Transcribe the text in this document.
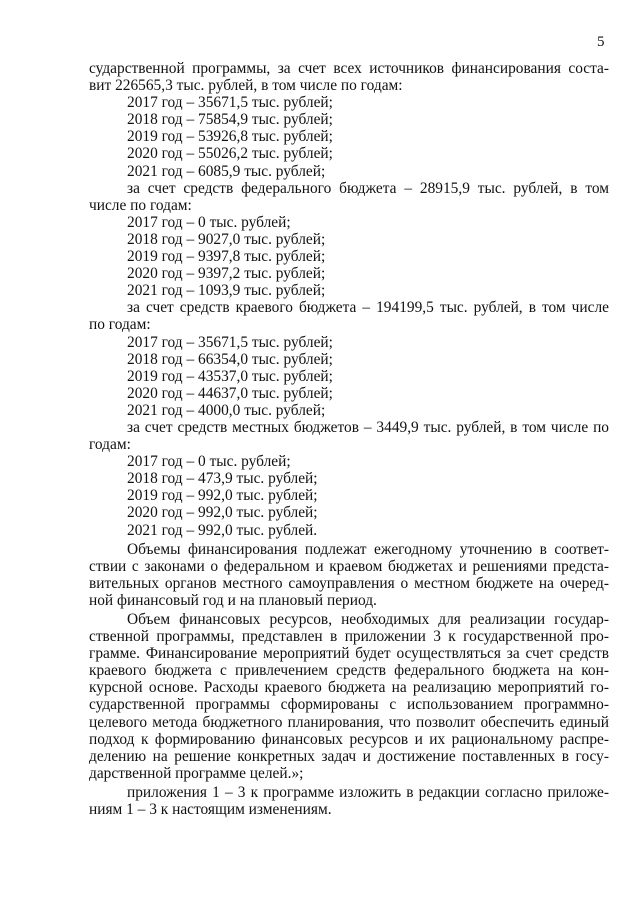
5
сударственной программы, за счет всех источников финансирования соста-
вит 226565,3 тыс. рублей, в том числе по годам:
2017 год – 35671,5 тыс. рублей;
2018 год – 75854,9 тыс. рублей;
2019 год – 53926,8 тыс. рублей;
2020 год – 55026,2 тыс. рублей;
2021 год – 6085,9 тыс. рублей;
за счет средств федерального бюджета – 28915,9 тыс. рублей, в том
числе по годам:
2017 год – 0 тыс. рублей;
2018 год – 9027,0 тыс. рублей;
2019 год – 9397,8 тыс. рублей;
2020 год – 9397,2 тыс. рублей;
2021 год – 1093,9 тыс. рублей;
за счет средств краевого бюджета – 194199,5 тыс. рублей, в том числе
по годам:
2017 год – 35671,5 тыс. рублей;
2018 год – 66354,0 тыс. рублей;
2019 год – 43537,0 тыс. рублей;
2020 год – 44637,0 тыс. рублей;
2021 год – 4000,0 тыс. рублей;
за счет средств местных бюджетов – 3449,9 тыс. рублей, в том числе по
годам:
2017 год – 0 тыс. рублей;
2018 год – 473,9 тыс. рублей;
2019 год – 992,0 тыс. рублей;
2020 год – 992,0 тыс. рублей;
2021 год – 992,0 тыс. рублей.
Объемы финансирования подлежат ежегодному уточнению в соответ-
ствии с законами о федеральном и краевом бюджетах и решениями предста-
вительных органов местного самоуправления о местном бюджете на очеред-
ной финансовый год и на плановый период.
Объем финансовых ресурсов, необходимых для реализации государ-
ственной программы, представлен в приложении 3 к государственной про-
грамме. Финансирование мероприятий будет осуществляться за счет средств
краевого бюджета с привлечением средств федерального бюджета на кон-
курсной основе. Расходы краевого бюджета на реализацию мероприятий го-
сударственной программы сформированы с использованием программно-
целевого метода бюджетного планирования, что позволит обеспечить единый
подход к формированию финансовых ресурсов и их рациональному распре-
делению на решение конкретных задач и достижение поставленных в госу-
дарственной программе целей.»;
приложения 1 – 3 к программе изложить в редакции согласно приложе-
ниям 1 – 3 к настоящим изменениям.
